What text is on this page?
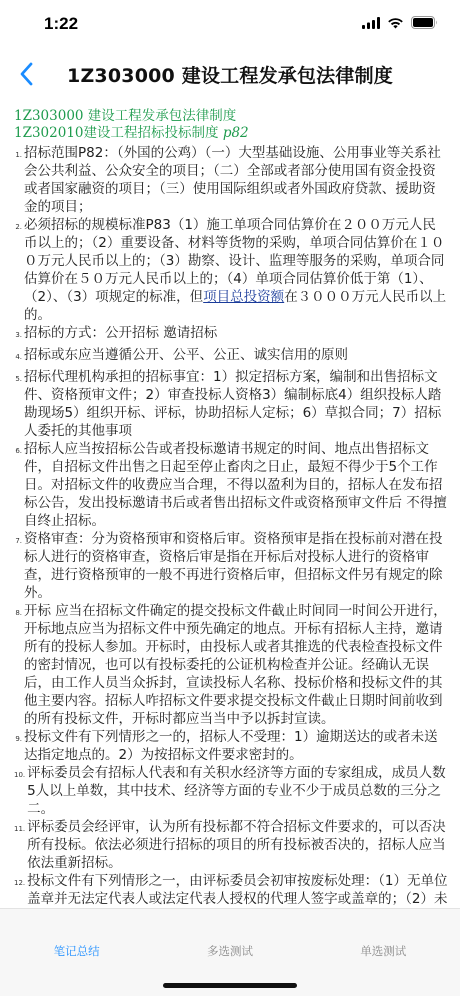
1:22
1Z303000 建设工程发承包法律制度
1Z303000 建设工程发承包法律制度
1Z302010建设工程招标投标制度 p82
1. 招标范围P82：（外国的公鸡）（一）大型基础设施、公用事业等关系社会公共利益、公众安全的项目；（二）全部或者部分使用国有资金投资或者国家融资的项目；（三）使用国际组织或者外国政府贷款、援助资金的项目；
2. 必须招标的规模标准P83（1）施工单项合同估算价在２００万元人民币以上的；（2）重要设备、材料等货物的采购，单项合同估算价在１００万元人民币以上的；（3）勘察、设计、监理等服务的采购，单项合同估算价在５０万元人民币以上的；（4）单项合同估算价低于第（1）、（2）、（3）项规定的标准，但项目总投资额在３０００万元人民币以上的。
3. 招标的方式：公开招标 邀请招标
4. 招标或东应当遵循公开、公平、公正、诚实信用的原则
5. 招标代理机构承担的招标事宜：1）拟定招标方案，编制和出售招标文件、资格预审文件；2）审查投标人资格3）编制标底4）组织投标人踏勘现场5）组织开标、评标，协助招标人定标；6）草拟合同；7）招标人委托的其他事项
6. 招标人应当按招标公告或者投标邀请书规定的时间、地点出售招标文件，自招标文件出售之日起至停止畜肉之日止，最短不得少于5个工作日。对招标文件的收费应当合理，不得以盈利为目的，招标人在发布招标公告，发出投标邀请书后或者售出招标文件或资格预审文件后 不得擅自终止招标。
7. 资格审查：分为资格预审和资格后审。资格预审是指在投标前对潜在投标人进行的资格审查，资格后审是指在开标后对投标人进行的资格审查，进行资格预审的一般不再进行资格后审，但招标文件另有规定的除外。
8. 开标 应当在招标文件确定的提交投标文件截止时间同一时间公开进行，开标地点应当为招标文件中预先确定的地点。开标有招标人主持，邀请所有的投标人参加。开标时，由投标人或者其推选的代表检查投标文件的密封情况，也可以有投标委托的公证机构检查并公证。经确认无误后，由工作人员当众拆封，宣读投标人名称、投标价格和投标文件的其他主要内容。招标人咋招标文件要求提交投标文件截止日期时间前收到的所有投标文件，开标时都应当当中予以拆封宣读。
9. 投标文件有下列情形之一的，招标人不受理：1）逾期送达的或者未送达指定地点的。2）为按招标文件要求密封的。
10. 评标委员会有招标人代表和有关积水经济等方面的专家组成，成员人数5人以上单数，其中技术、经济等方面的专业不少于成员总数的三分之二。
11. 评标委员会经评审，认为所有投标都不符合招标文件要求的，可以否决所有投标。依法必须进行招标的项目的所有投标被否决的，招标人应当依法重新招标。
12. 投标文件有下列情形之一，由评标委员会初审按废标处理：（1）无单位盖章并无法定代表人或法定代表人授权的代理人签字或盖章的；（2）未
笔记总结	多选测试	单选测试
